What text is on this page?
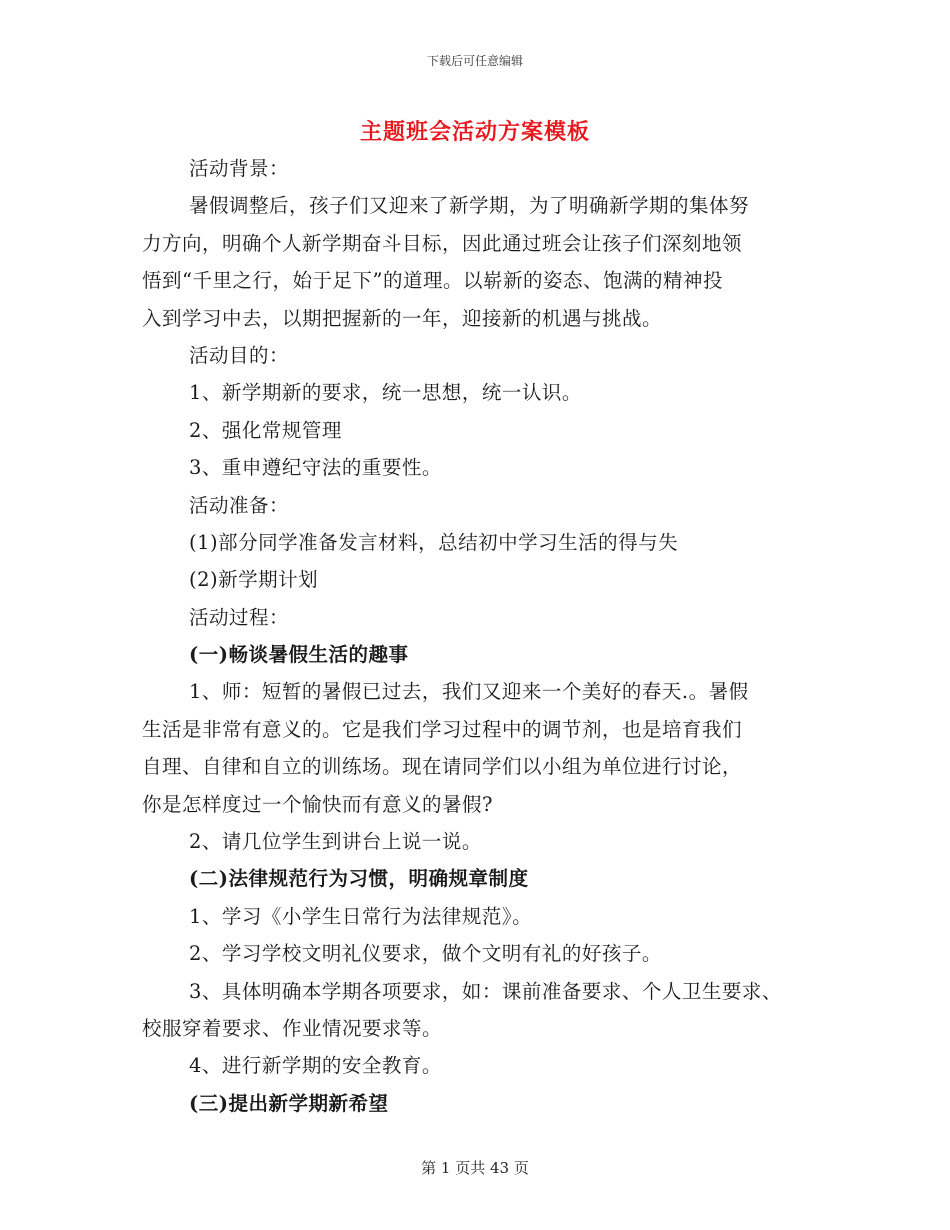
下载后可任意编辑
主题班会活动方案模板
活动背景：
暑假调整后，孩子们又迎来了新学期，为了明确新学期的集体努
力方向，明确个人新学期奋斗目标，因此通过班会让孩子们深刻地领
悟到“千里之行，始于足下”的道理。以崭新的姿态、饱满的精神投
入到学习中去，以期把握新的一年，迎接新的机遇与挑战。
活动目的：
1、新学期新的要求，统一思想，统一认识。
2、强化常规管理
3、重申遵纪守法的重要性。
活动准备：
(1)部分同学准备发言材料，总结初中学习生活的得与失
(2)新学期计划
活动过程：
(一)畅谈暑假生活的趣事
1、师：短暂的暑假已过去，我们又迎来一个美好的春天.。暑假
生活是非常有意义的。它是我们学习过程中的调节剂，也是培育我们
自理、自律和自立的训练场。现在请同学们以小组为单位进行讨论，
你是怎样度过一个愉快而有意义的暑假?
2、请几位学生到讲台上说一说。
(二)法律规范行为习惯，明确规章制度
1、学习《小学生日常行为法律规范》。
2、学习学校文明礼仪要求，做个文明有礼的好孩子。
3、具体明确本学期各项要求，如：课前准备要求、个人卫生要求、
校服穿着要求、作业情况要求等。
4、进行新学期的安全教育。
(三)提出新学期新希望
第 1 页共 43 页
